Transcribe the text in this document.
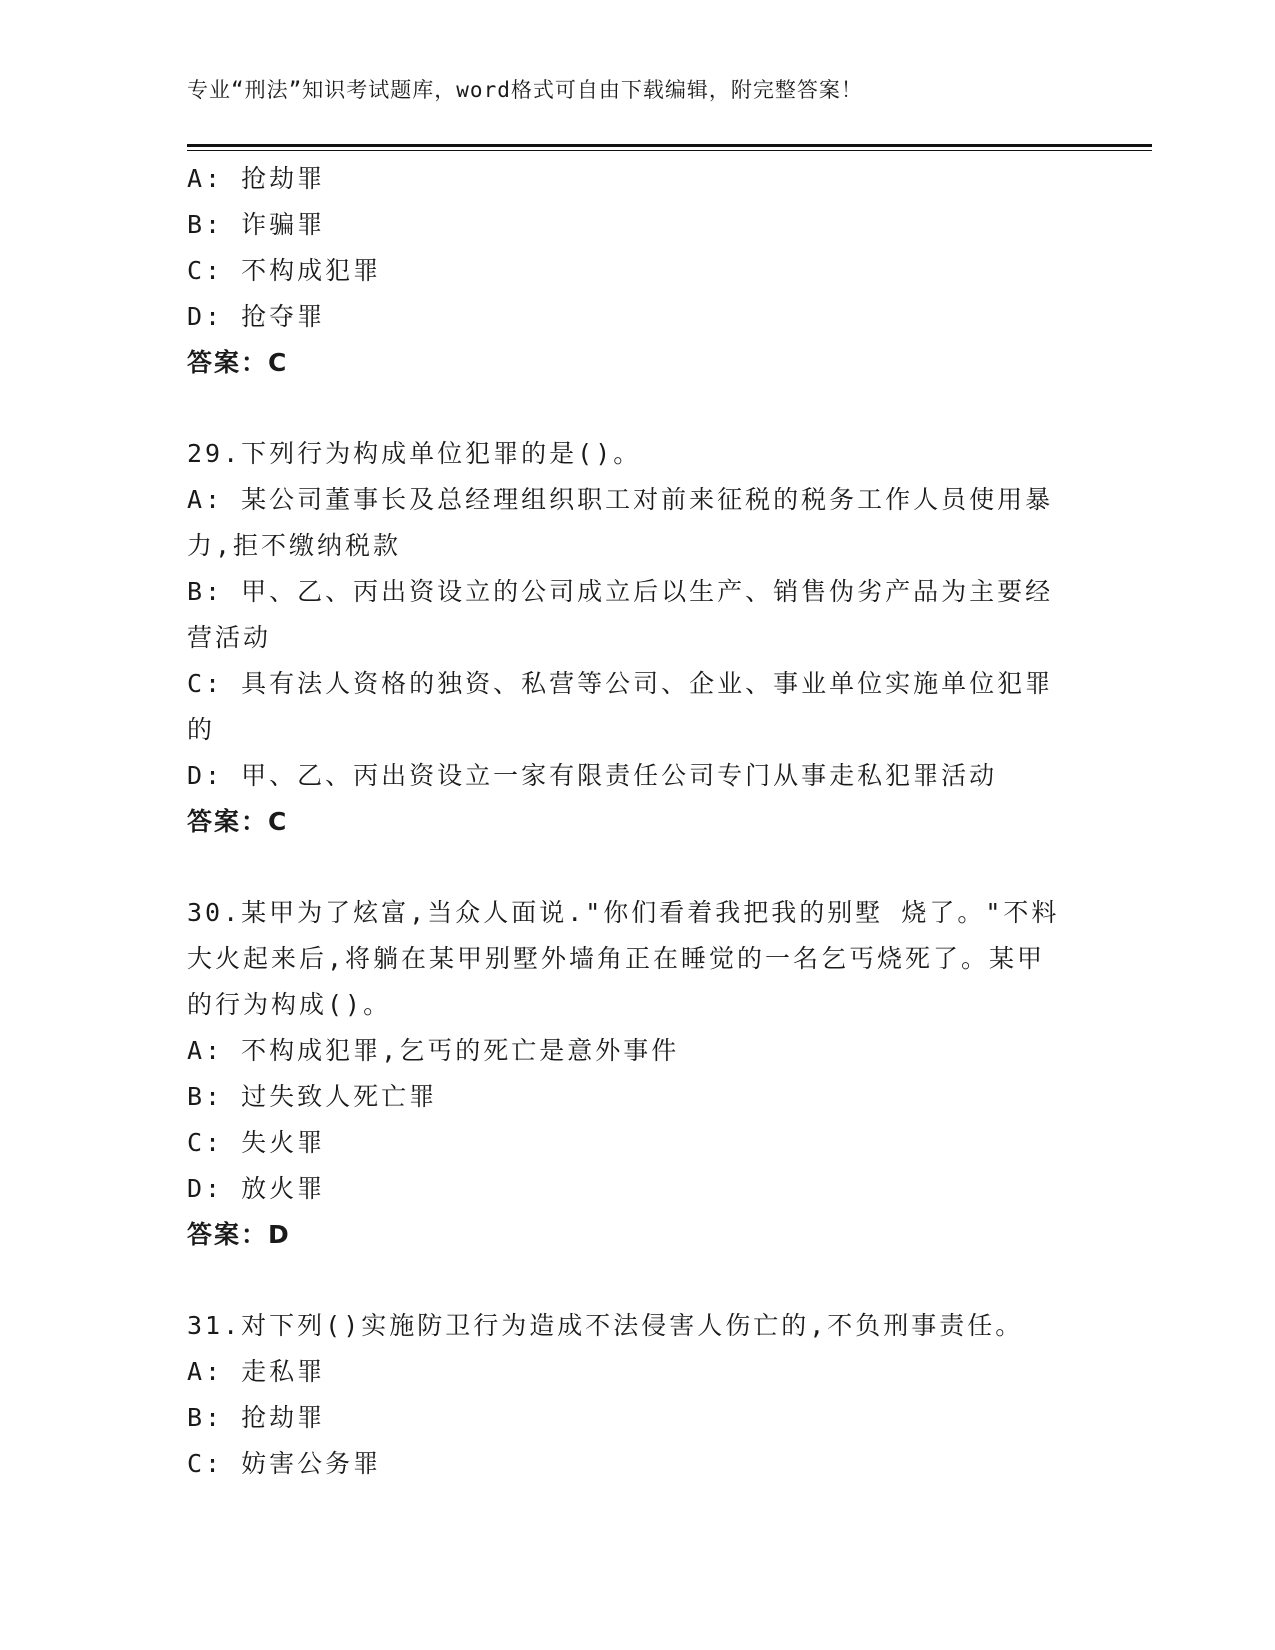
专业“刑法”知识考试题库，word格式可自由下载编辑，附完整答案！
A: 抢劫罪
B: 诈骗罪
C: 不构成犯罪
D: 抢夺罪
答案：C
29.下列行为构成单位犯罪的是()。
A: 某公司董事长及总经理组织职工对前来征税的税务工作人员使用暴
力,拒不缴纳税款
B: 甲、乙、丙出资设立的公司成立后以生产、销售伪劣产品为主要经
营活动
C: 具有法人资格的独资、私营等公司、企业、事业单位实施单位犯罪
的
D: 甲、乙、丙出资设立一家有限责任公司专门从事走私犯罪活动
答案：C
30.某甲为了炫富,当众人面说."你们看着我把我的别墅 烧了。"不料
大火起来后,将躺在某甲别墅外墙角正在睡觉的一名乞丐烧死了。某甲
的行为构成()。
A: 不构成犯罪,乞丐的死亡是意外事件
B: 过失致人死亡罪
C: 失火罪
D: 放火罪
答案：D
31.对下列()实施防卫行为造成不法侵害人伤亡的,不负刑事责任。
A: 走私罪
B: 抢劫罪
C: 妨害公务罪
